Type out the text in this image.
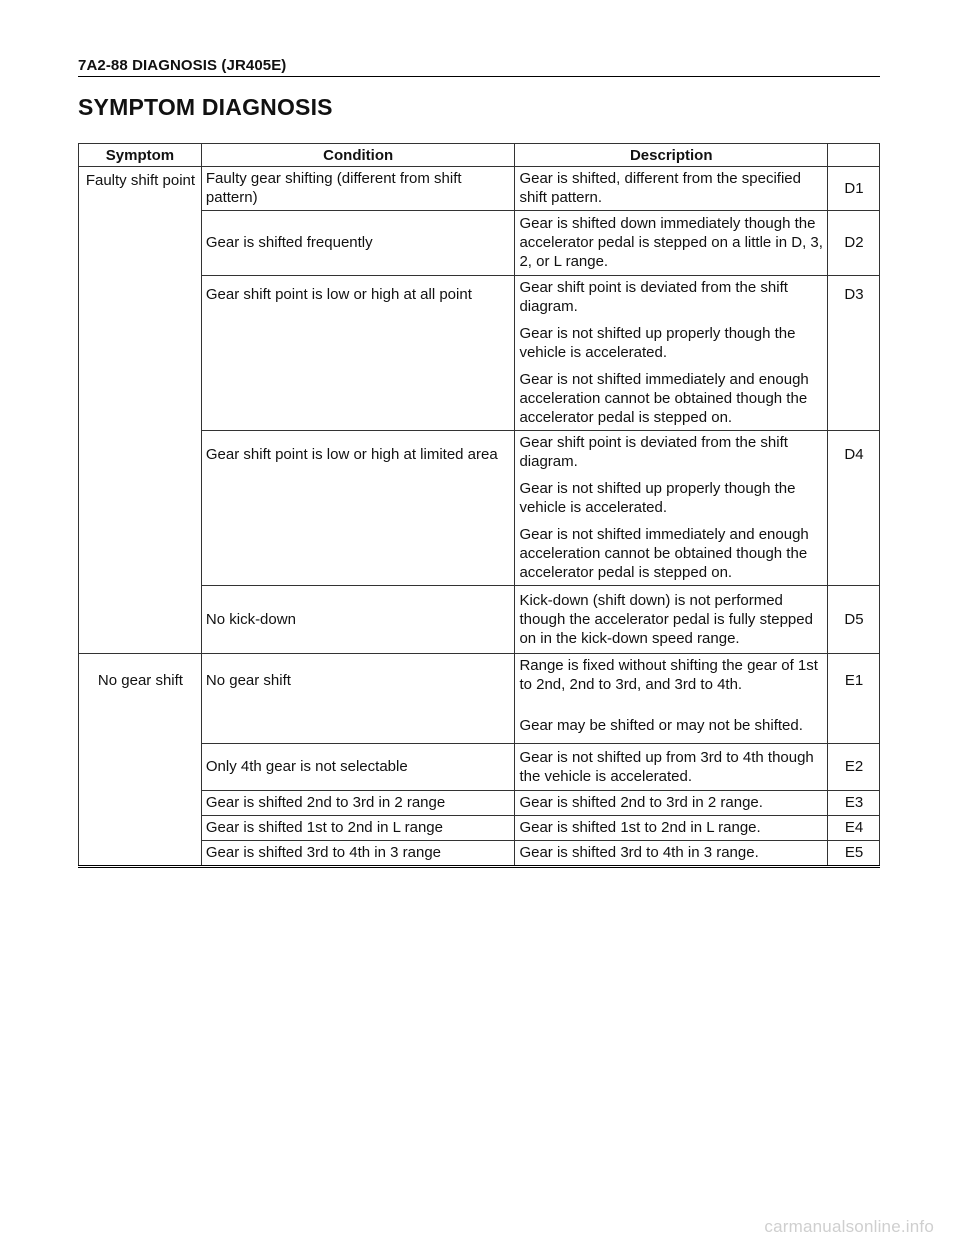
7A2-88 DIAGNOSIS (JR405E)
SYMPTOM DIAGNOSIS
Symptom	Condition	Description	
Faulty shift point	Faulty gear shifting (different from shift pattern)	Gear is shifted, different from the specified shift pattern.	D1
	Gear is shifted frequently	Gear is shifted down immediately though the accelerator pedal is stepped on a little in D, 3, 2, or L range.	D2
	Gear shift point is low or high at all point	Gear shift point is deviated from the shift diagram.

Gear is not shifted up properly though the vehicle is accelerated.

Gear is not shifted immediately and enough acceleration cannot be obtained though the accelerator pedal is stepped on.	D3
	Gear shift point is low or high at limited area	Gear shift point is deviated from the shift diagram.

Gear is not shifted up properly though the vehicle is accelerated.

Gear is not shifted immediately and enough acceleration cannot be obtained though the accelerator pedal is stepped on.	D4
	No kick-down	Kick-down (shift down) is not performed though the accelerator pedal is fully stepped on in the kick-down speed range.	D5
No gear shift	No gear shift	Range is fixed without shifting the gear of 1st to 2nd, 2nd to 3rd, and 3rd to 4th.

Gear may be shifted or may not be shifted.	E1
	Only 4th gear is not selectable	Gear is not shifted up from 3rd to 4th though the vehicle is accelerated.	E2
	Gear is shifted 2nd to 3rd in 2 range	Gear is shifted 2nd to 3rd in 2 range.	E3
	Gear is shifted 1st to 2nd in L range	Gear is shifted 1st to 2nd in L range.	E4
	Gear is shifted 3rd to 4th in 3 range	Gear is shifted 3rd to 4th in 3 range.	E5
carmanualsonline.info
